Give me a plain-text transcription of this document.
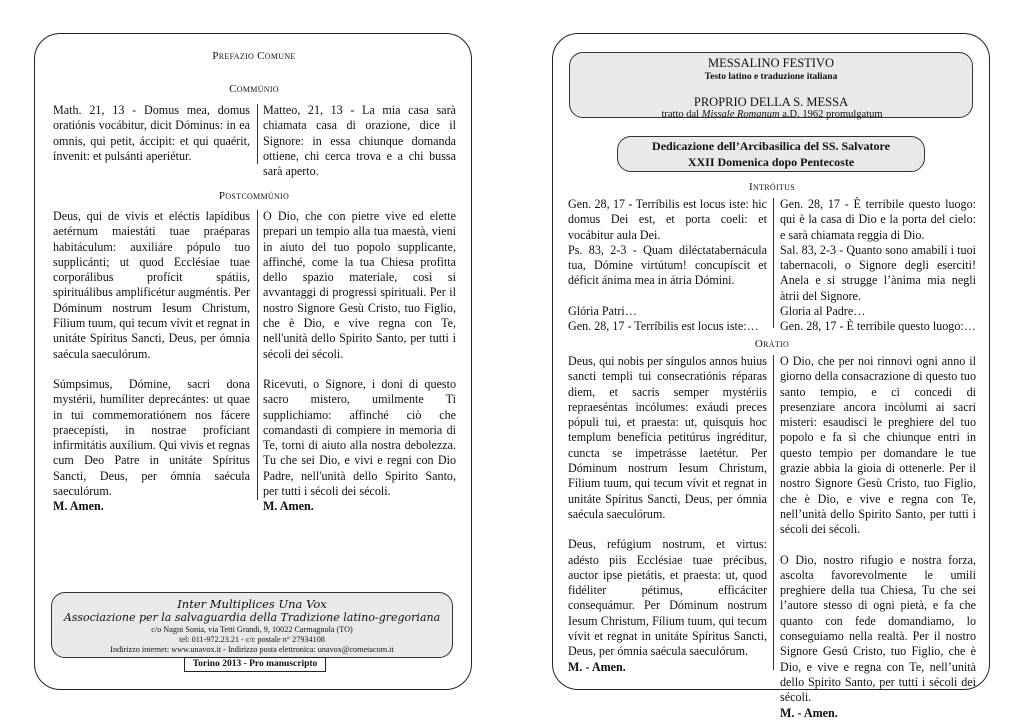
Prefazio Comune
Commúnio
Math. 21, 13 - Domus mea, domus oratiónis vocábitur, dicit Dóminus: in ea omnis, qui petit, áccipit: et qui quaérit, ínvenit: et pulsánti aperiétur.
Matteo, 21, 13 - La mia casa sarà chiamata casa di orazione, dice il Signore: in essa chiunque domanda ottiene, chi cerca trova e a chi bussa sarà aperto.
Postcommúnio

Deus, qui de vivis et eléctis lapídibus aetérnum maiestáti tuae praéparas habitáculum: auxiliáre pópulo tuo supplicánti; ut quod Ecclésiae tuae corporálibus profícit spátiis, spirituálibus amplificétur augméntis. Per Dóminum nostrum Iesum Christum, Fílium tuum, qui tecum vívit et regnat in unitáte Spíritus Sancti, Deus, per ómnia saécula saeculórum.

Súmpsimus, Dómine, sacri dona mystérii, humíliter deprecántes: ut quae in tui commemoratiónem nos fácere praecepísti, in nostrae profíciant infirmitátis auxílium. Qui vivis et regnas cum Deo Patre in unitáte Spíritus Sancti, Deus, per ómnia saécula saeculórum.
M. Amen.

O Dio, che con pietre vive ed elette prepari un tempio alla tua maestà, vieni in aiuto del tuo popolo supplicante, affinché, come la tua Chiesa profitta dello spazio materiale, così si avvantaggi di progressi spirituali. Per il nostro Signore Gesù Cristo, tuo Figlio, che è Dio, e vive regna con Te, nell'unità dello Spirito Santo, per tutti i sécoli dei sécoli.

Ricevuti, o Signore, i doni di questo sacro mistero, umilmente Ti supplichiamo: affinché ciò che comandasti di compiere in memoria di Te, torni di aiuto alla nostra debolezza. Tu che sei Dio, e vivi e regni con Dio Padre, nell'unità dello Spirito Santo, per tutti i sécoli dei sécoli.
M. Amen.

Inter Multiplices Una Vox
Associazione per la salvaguardia della Tradizione latino-gregoriana
c/o Nagni Sonia, via Tetti Grandi, 9, 10022 Carmagnola (TO)
tel: 011-972.23.21 - c/c postale n° 27934108
Indirizzo internet: www.unavox.it - Indirizzo posta elettronica: unavox@cometacom.it
Torino 2013 - Pro manuscripto
MESSALINO FESTIVO
Testo latino e traduzione italiana
PROPRIO DELLA S. MESSA
tratto dal Missale Romanum a.D. 1962 promulgatum
Dedicazione dell’Arcibasilica del SS. Salvatore
XXII Domenica dopo Pentecoste
Intróitus
Gen. 28, 17 - Terríbilis est locus iste: hic domus Dei est, et porta coeli: et vocábitur aula Dei.
Ps. 83, 2-3 - Quam diléctatabernácula tua, Dómine virtútum! concupíscit et déficit ánima mea in átria Dómini.
Glória Patri…
Gen. 28, 17 - Terríbilis est locus iste:…
Gen. 28, 17 - È terribile questo luogo: qui è la casa di Dio e la porta del cielo: e sarà chiamata reggia di Dio.
Sal. 83, 2-3 - Quanto sono amabili i tuoi tabernacoli, o Signore degli eserciti! Anela e si strugge l’ànima mia negli àtrii del Signore.
Gloria al Padre…
Gen. 28, 17 - È terribile questo luogo:…
Orátio

Deus, qui nobis per síngulos annos huius sancti templi tui consecratiónis réparas diem, et sacris semper mystériis repraeséntas incólumes: exáudi preces pópuli tui, et praesta: ut, quisquis hoc templum benefícia petitúrus ingréditur, cuncta se impetrásse laetétur. Per Dóminum nostrum Iesum Christum, Fílium tuum, qui tecum vívit et regnat in unitáte Spíritus Sancti, Deus, per ómnia saécula saeculórum.

Deus, refúgium nostrum, et virtus: adésto piis Ecclésiae tuae précibus, auctor ipse pietátis, et praesta: ut, quod fidéliter pétimus, efficáciter consequámur. Per Dóminum nostrum Iesum Christum, Fílium tuum, qui tecum vívit et regnat in unitáte Spíritus Sancti, Deus, per ómnia saécula saeculórum.
M. - Amen.

O Dio, che per noi rinnovi ogni anno il giorno della consacrazione di questo tuo santo tempio, e ci concedi di presenziare ancora incòlumi ai sacri misteri: esaudisci le preghiere del tuo popolo e fa sì che chiunque entri in questo tempio per domandare le tue grazie abbia la gioia di ottenerle. Per il nostro Signore Gesù Cristo, tuo Figlio, che è Dio, e vive e regna con Te, nell’unità dello Spirito Santo, per tutti i sécoli dei sécoli.

O Dio, nostro rifugio e nostra forza, ascolta favorevolmente le umili preghiere della tua Chiesa, Tu che sei l’autore stesso di ogni pietà, e fa che quanto con fede domandiamo, lo conseguiamo nella realtà. Per il nostro Signore Gesú Cristo, tuo Figlio, che è Dio, e vive e regna con Te, nell’unità dello Spirito Santo, per tutti i sécoli dei sécoli.
M. - Amen.
